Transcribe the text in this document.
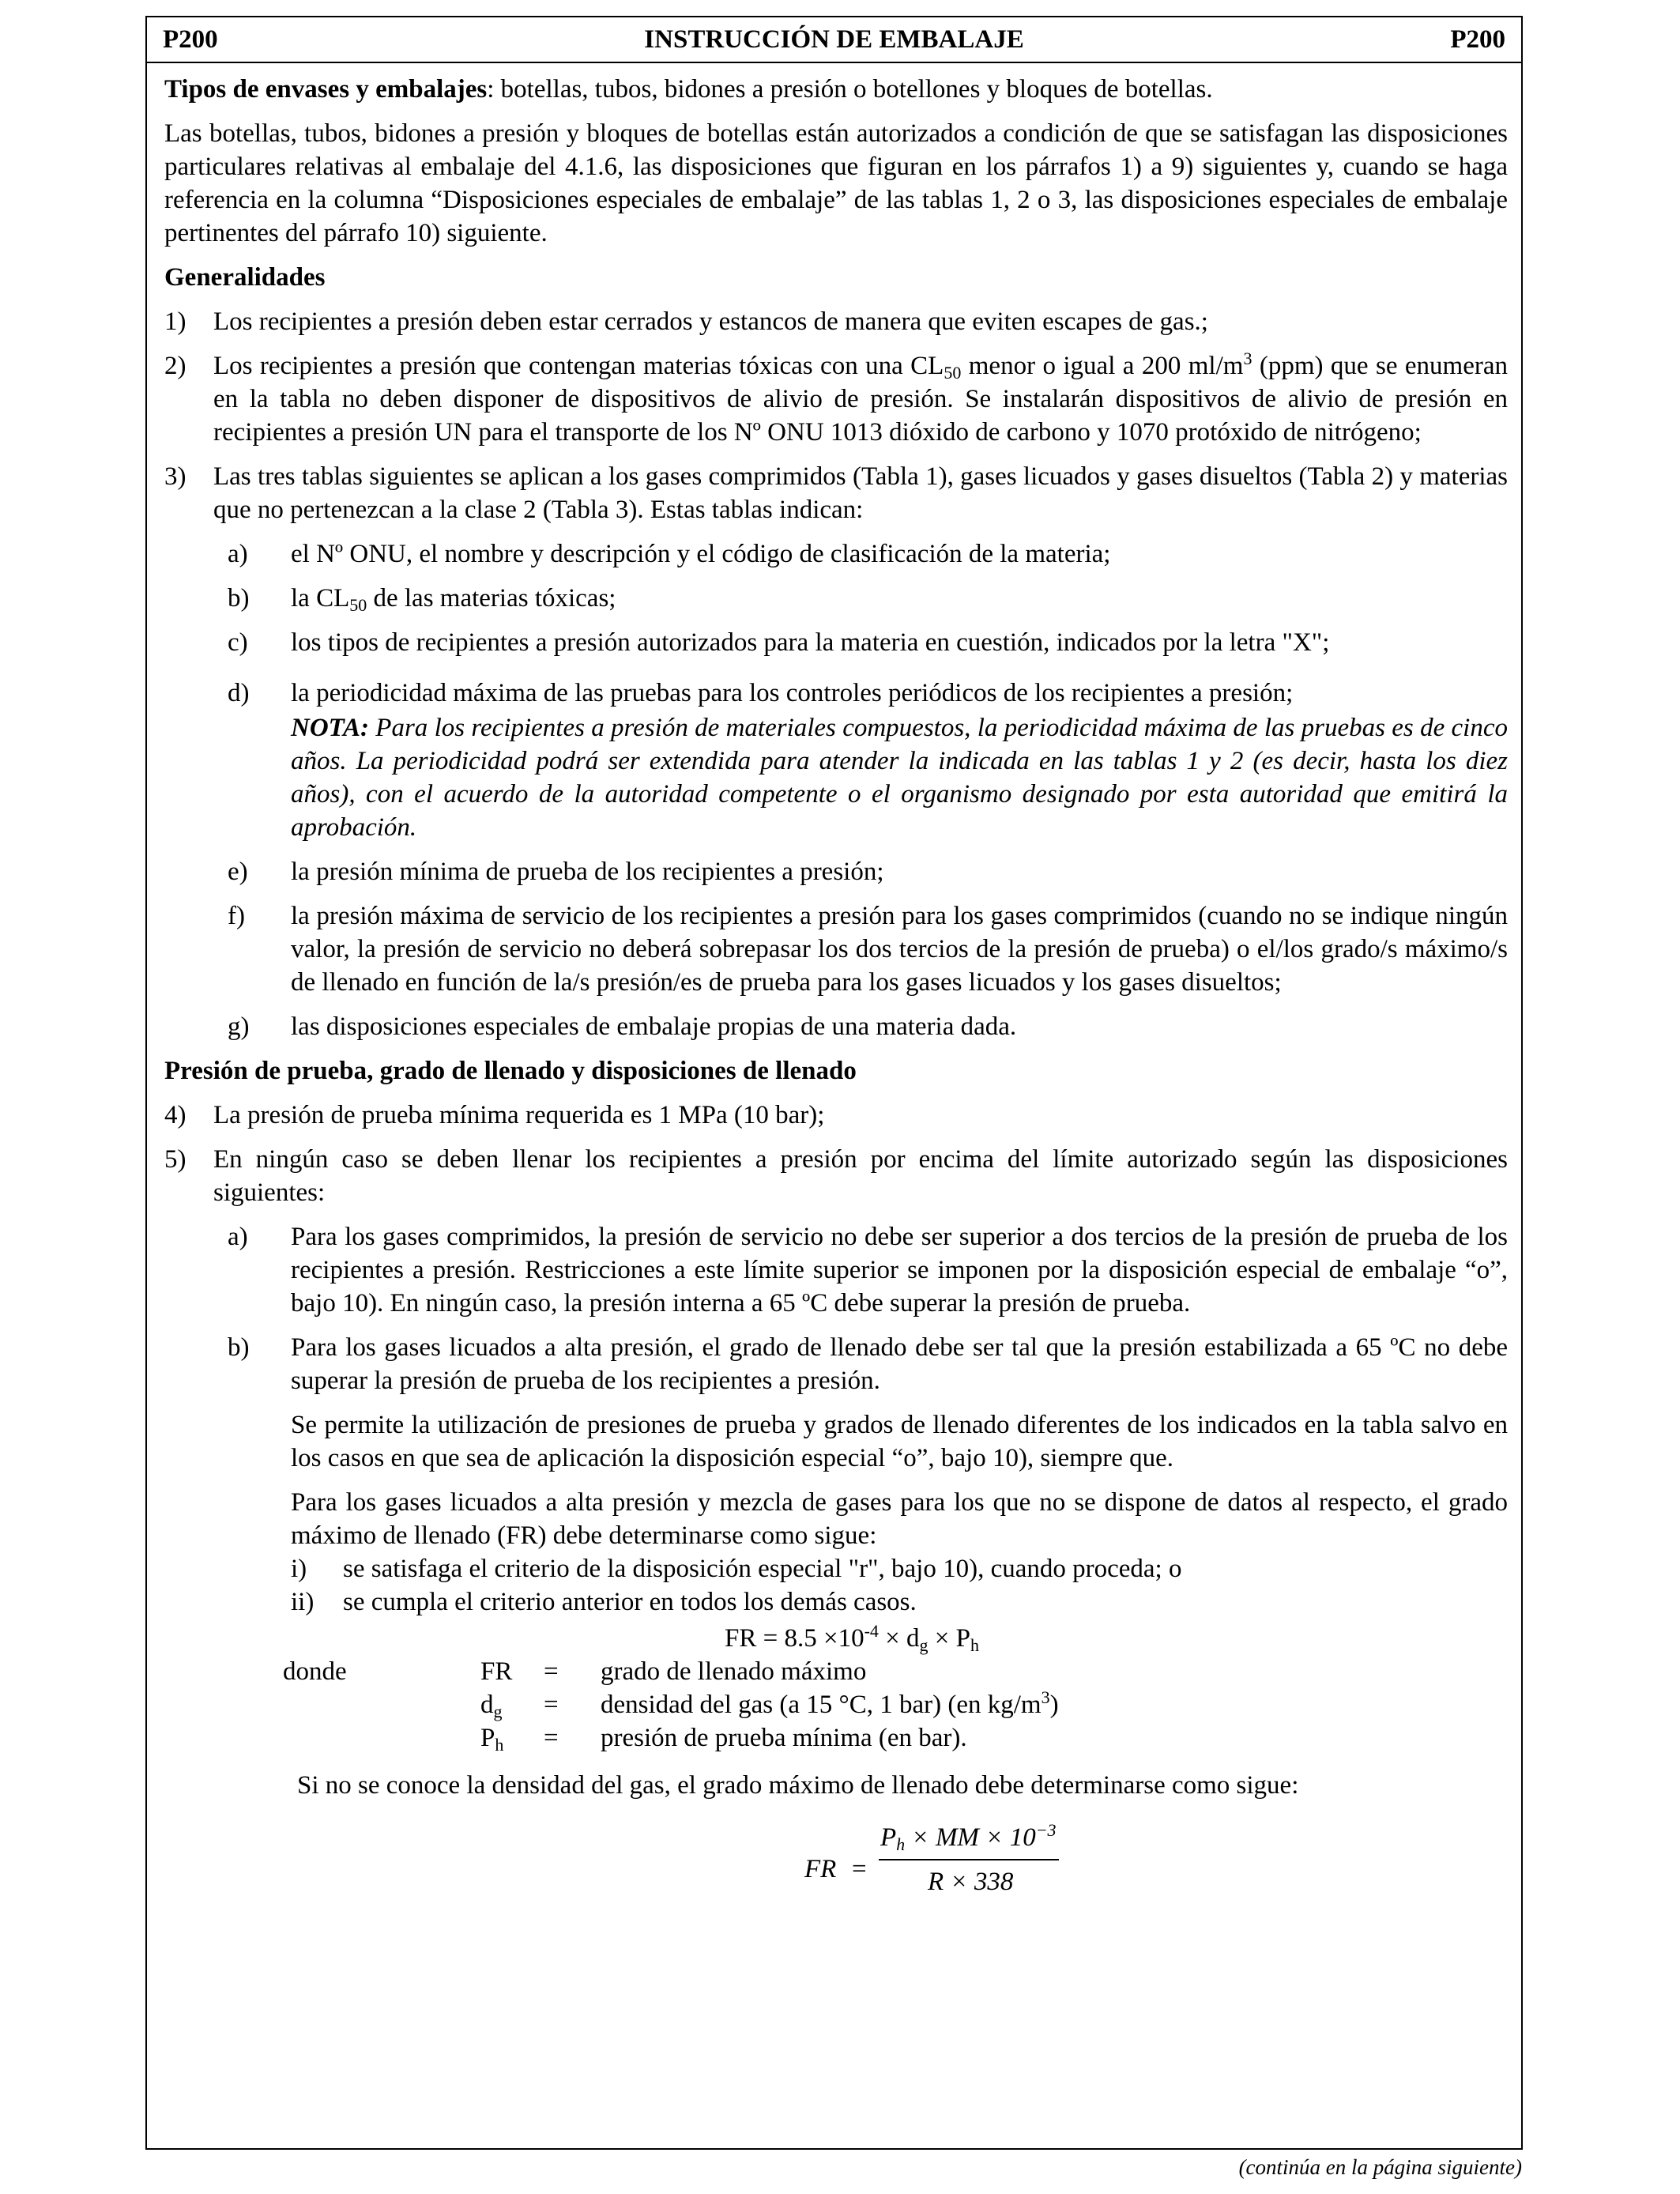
P200	INSTRUCCIÓN DE EMBALAJE	P200

Tipos de envases y embalajes: botellas, tubos, bidones a presión o botellones y bloques de botellas.

Las botellas, tubos, bidones a presión y bloques de botellas están autorizados a condición de que se satisfagan las disposiciones particulares relativas al embalaje del 4.1.6, las disposiciones que figuran en los párrafos 1) a 9) siguientes y, cuando se haga referencia en la columna “Disposiciones especiales de embalaje” de las tablas 1, 2 o 3, las disposiciones especiales de embalaje pertinentes del párrafo 10) siguiente.

Generalidades

1) Los recipientes a presión deben estar cerrados y estancos de manera que eviten escapes de gas.;
2) Los recipientes a presión que contengan materias tóxicas con una $CL_{50}$ menor o igual a 200 $ml/m^3$ (ppm) que se enumeran en la tabla no deben disponer de dispositivos de alivio de presión. Se instalarán dispositivos de alivio de presión en recipientes a presión UN para el transporte de los Nº ONU 1013 dióxido de carbono y 1070 protóxido de nitrógeno;
3) Las tres tablas siguientes se aplican a los gases comprimidos (Tabla 1), gases licuados y gases disueltos (Tabla 2) y materias que no pertenezcan a la clase 2 (Tabla 3). Estas tablas indican:
a) el Nº ONU, el nombre y descripción y el código de clasificación de la materia;
b) la $CL_{50}$ de las materias tóxicas;
c) los tipos de recipientes a presión autorizados para la materia en cuestión, indicados por la letra "X";
d) la periodicidad máxima de las pruebas para los controles periódicos de los recipientes a presión;

NOTA: Para los recipientes a presión de materiales compuestos, la periodicidad máxima de las pruebas es de cinco años. La periodicidad podrá ser extendida para atender la indicada en las tablas 1 y 2 (es decir, hasta los diez años), con el acuerdo de la autoridad competente o el organismo designado por esta autoridad que emitirá la aprobación.

e) la presión mínima de prueba de los recipientes a presión;
f) la presión máxima de servicio de los recipientes a presión para los gases comprimidos (cuando no se indique ningún valor, la presión de servicio no deberá sobrepasar los dos tercios de la presión de prueba) o el/los grado/s máximo/s de llenado en función de la/s presión/es de prueba para los gases licuados y los gases disueltos;
g) las disposiciones especiales de embalaje propias de una materia dada.

Presión de prueba, grado de llenado y disposiciones de llenado

4) La presión de prueba mínima requerida es 1 MPa (10 bar);
5) En ningún caso se deben llenar los recipientes a presión por encima del límite autorizado según las disposiciones siguientes:
a) Para los gases comprimidos, la presión de servicio no debe ser superior a dos tercios de la presión de prueba de los recipientes a presión. Restricciones a este límite superior se imponen por la disposición especial de embalaje “o”, bajo 10). En ningún caso, la presión interna a 65 ºC debe superar la presión de prueba.
b) Para los gases licuados a alta presión, el grado de llenado debe ser tal que la presión estabilizada a 65 ºC no debe superar la presión de prueba de los recipientes a presión.

Se permite la utilización de presiones de prueba y grados de llenado diferentes de los indicados en la tabla salvo en los casos en que sea de aplicación la disposición especial “o”, bajo 10), siempre que.

Para los gases licuados a alta presión y mezcla de gases para los que no se dispone de datos al respecto, el grado máximo de llenado (FR) debe determinarse como sigue:

i) se satisfaga el criterio de la disposición especial "r", bajo 10), cuando proceda; o
ii) se cumpla el criterio anterior en todos los demás casos.
FR = $8.5 \times 10^{-4} \times d_g \times P_h$
donde	FR	=	grado de llenado máximo
$d_g$	=	densidad del gas (a 15 °C, 1 bar) (en $kg/m^3$)
$P_h$	=	presión de prueba mínima (en bar).

Si no se conoce la densidad del gas, el grado máximo de llenado debe determinarse como sigue:

FR =
$P_h$ × MM × $10^{-3}$
R × 338
(continúa en la página siguiente)
